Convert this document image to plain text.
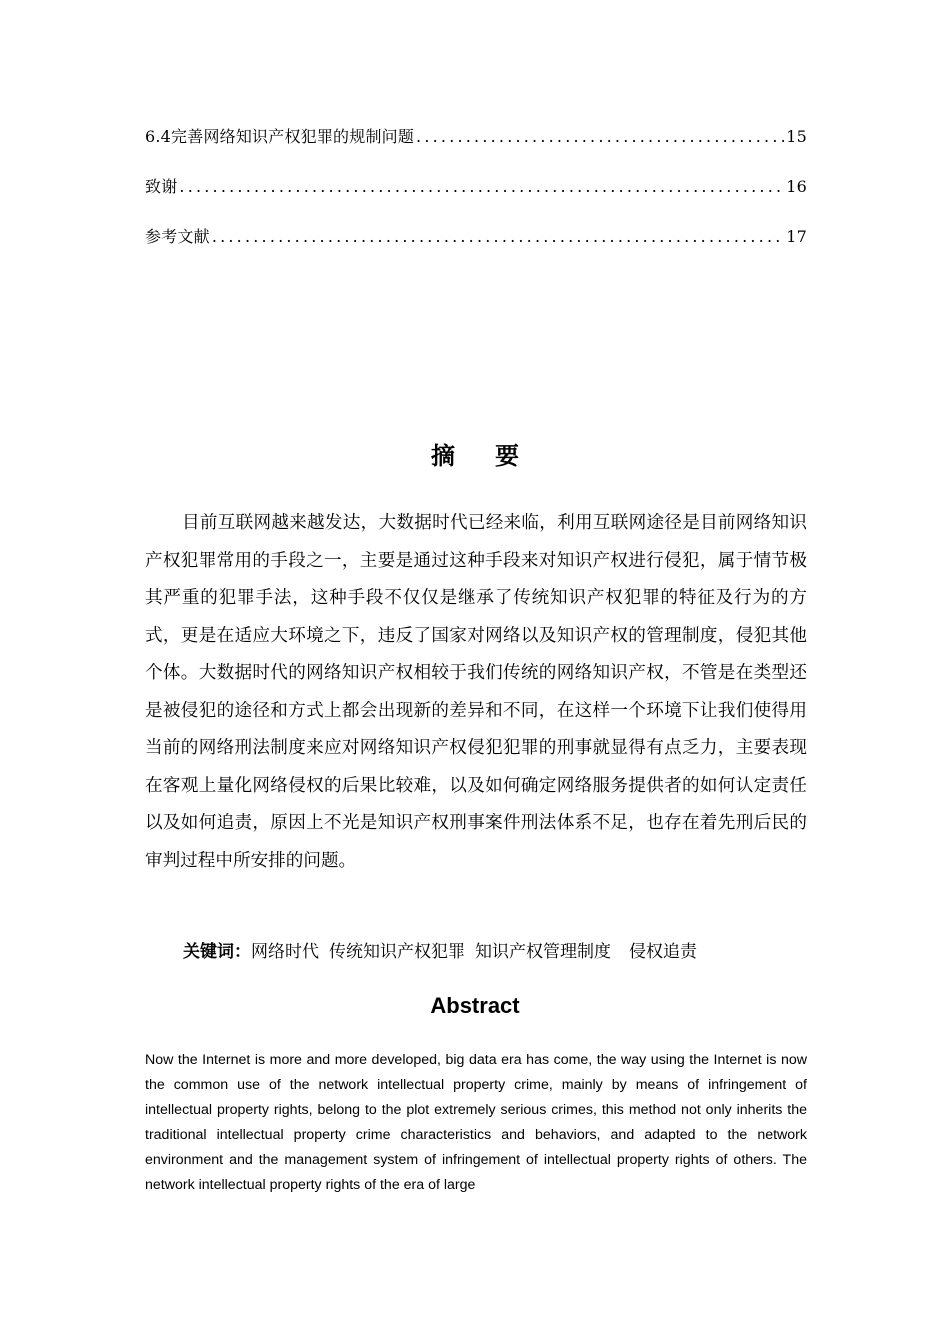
6.4完善网络知识产权犯罪的规制问题 .....	15
致谢 .....	16
参考文献 .....	17
摘要

目前互联网越来越发达，大数据时代已经来临，利用互联网途径是目前网络知识产权犯罪常用的手段之一，主要是通过这种手段来对知识产权进行侵犯，属于情节极其严重的犯罪手法，这种手段不仅仅是继承了传统知识产权犯罪的特征及行为的方式，更是在适应大环境之下，违反了国家对网络以及知识产权的管理制度，侵犯其他个体。大数据时代的网络知识产权相较于我们传统的网络知识产权，不管是在类型还是被侵犯的途径和方式上都会出现新的差异和不同，在这样一个环境下让我们使得用当前的网络刑法制度来应对网络知识产权侵犯犯罪的刑事就显得有点乏力，主要表现在客观上量化网络侵权的后果比较难，以及如何确定网络服务提供者的如何认定责任以及如何追责，原因上不光是知识产权刑事案件刑法体系不足，也存在着先刑后民的审判过程中所安排的问题。

关键词：网络时代 传统知识产权犯罪 知识产权管理制度 侵权追责
Abstract

Now the Internet is more and more developed, big data era has come, the way using the Internet is now the common use of the network intellectual property crime, mainly by means of infringement of intellectual property rights, belong to the plot extremely serious crimes, this method not only inherits the traditional intellectual property crime characteristics and behaviors, and adapted to the network environment and the management system of infringement of intellectual property rights of others. The network intellectual property rights of the era of large
